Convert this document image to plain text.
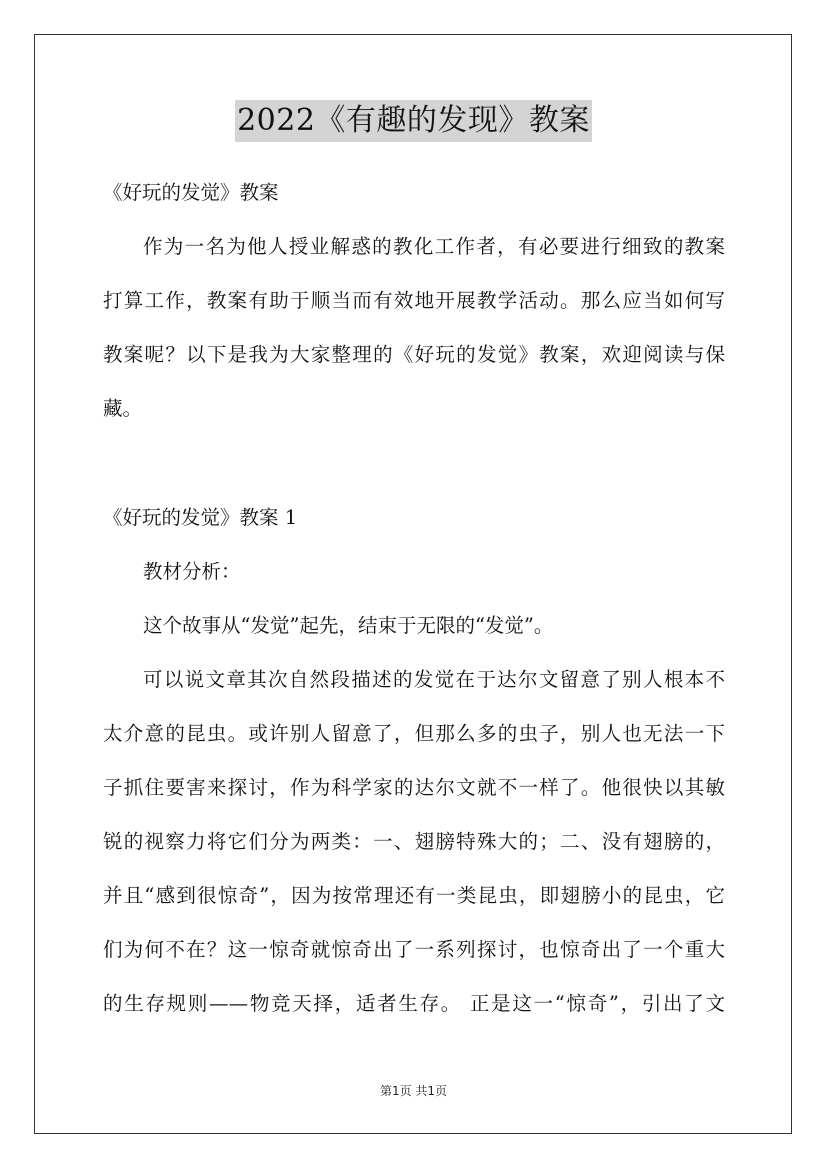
2022《有趣的发现》教案
《好玩的发觉》教案
作为一名为他人授业解惑的教化工作者，有必要进行细致的教案
打算工作，教案有助于顺当而有效地开展教学活动。那么应当如何写
教案呢？以下是我为大家整理的《好玩的发觉》教案，欢迎阅读与保
藏。
《好玩的发觉》教案 1
教材分析：
这个故事从“发觉”起先，结束于无限的“发觉”。
可以说文章其次自然段描述的发觉在于达尔文留意了别人根本不
太介意的昆虫。或许别人留意了，但那么多的虫子，别人也无法一下
子抓住要害来探讨，作为科学家的达尔文就不一样了。他很快以其敏
锐的视察力将它们分为两类：一、翅膀特殊大的；二、没有翅膀的，
并且“感到很惊奇”，因为按常理还有一类昆虫，即翅膀小的昆虫，它
们为何不在？这一惊奇就惊奇出了一系列探讨，也惊奇出了一个重大
的生存规则——物竞天择，适者生存。 正是这一“惊奇”，引出了文
第1页 共1页
